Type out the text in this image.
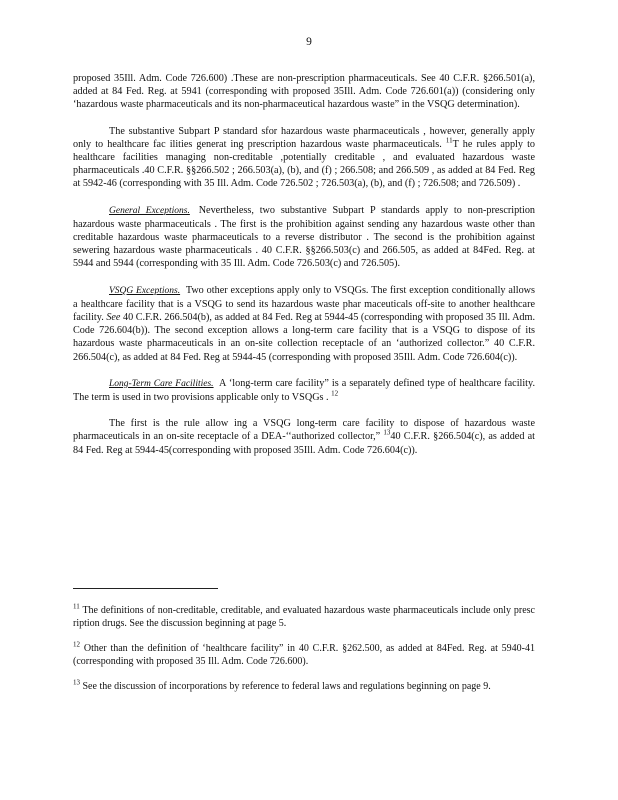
9

proposed 35Ill. Adm. Code 726.600) .These are non-prescription pharmaceuticals. See 40 C.F.R. §266.501(a), added at 84 Fed. Reg. at 5941 (corresponding with proposed 35Ill. Adm. Code 726.601(a)) (considering only ‘hazardous waste pharmaceuticals and its non-pharmaceutical hazardous waste” in the VSQG determination).

The substantive Subpart P standard sfor hazardous waste pharmaceuticals , however, generally apply only to healthcare fac ilities generat ing prescription hazardous waste pharmaceuticals. $^{11}$T he rules apply to healthcare facilities managing non-creditable ,potentially creditable , and evaluated hazardous waste pharmaceuticals .40 C.F.R. §§266.502 ; 266.503(a), (b), and (f) ; 266.508; and 266.509 , as added at 84 Fed. Reg at 5942-46 (corresponding with 35 Ill. Adm. Code 726.502 ; 726.503(a), (b), and (f) ; 726.508; and 726.509) .

General Exceptions. Nevertheless, two substantive Subpart P standards apply to non-prescription hazardous waste pharmaceuticals . The first is the prohibition against sending any hazardous waste other than creditable hazardous waste pharmaceuticals to a reverse distributor . The second is the prohibition against sewering hazardous waste pharmaceuticals . 40 C.F.R. §§266.503(c) and 266.505, as added at 84Fed. Reg. at 5944 and 5944 (corresponding with 35 Ill. Adm. Code 726.503(c) and 726.505).

VSQG Exceptions. Two other exceptions apply only to VSQGs. The first exception conditionally allows a healthcare facility that is a VSQG to send its hazardous waste phar maceuticals off-site to another healthcare facility. See 40 C.F.R. 266.504(b), as added at 84 Fed. Reg at 5944-45 (corresponding with proposed 35 Ill. Adm. Code 726.604(b)). The second exception allows a long-term care facility that is a VSQG to dispose of its hazardous waste pharmaceuticals in an on-site collection receptacle of an ‘authorized collector.” 40 C.F.R. 266.504(c), as added at 84 Fed. Reg at 5944-45 (corresponding with proposed 35Ill. Adm. Code 726.604(c)).

Long-Term Care Facilities. A ‘long-term care facility” is a separately defined type of healthcare facility. The term is used in two provisions applicable only to VSQGs . $^{12}$

The first is the rule allow ing a VSQG long-term care facility to dispose of hazardous waste pharmaceuticals in an on-site receptacle of a DEA-‘‘authorized collector,” $^{13}$40 C.F.R. §266.504(c), as added at 84 Fed. Reg at 5944-45(corresponding with proposed 35Ill. Adm. Code 726.604(c)).

$^{11}$ The definitions of non-creditable, creditable, and evaluated hazardous waste pharmaceuticals include only presc ription drugs. See the discussion beginning at page 5.

$^{12}$ Other than the definition of ‘healthcare facility” in 40 C.F.R. §262.500, as added at 84Fed. Reg. at 5940-41 (corresponding with proposed 35 Ill. Adm. Code 726.600).

$^{13}$ See the discussion of incorporations by reference to federal laws and regulations beginning on page 9.
